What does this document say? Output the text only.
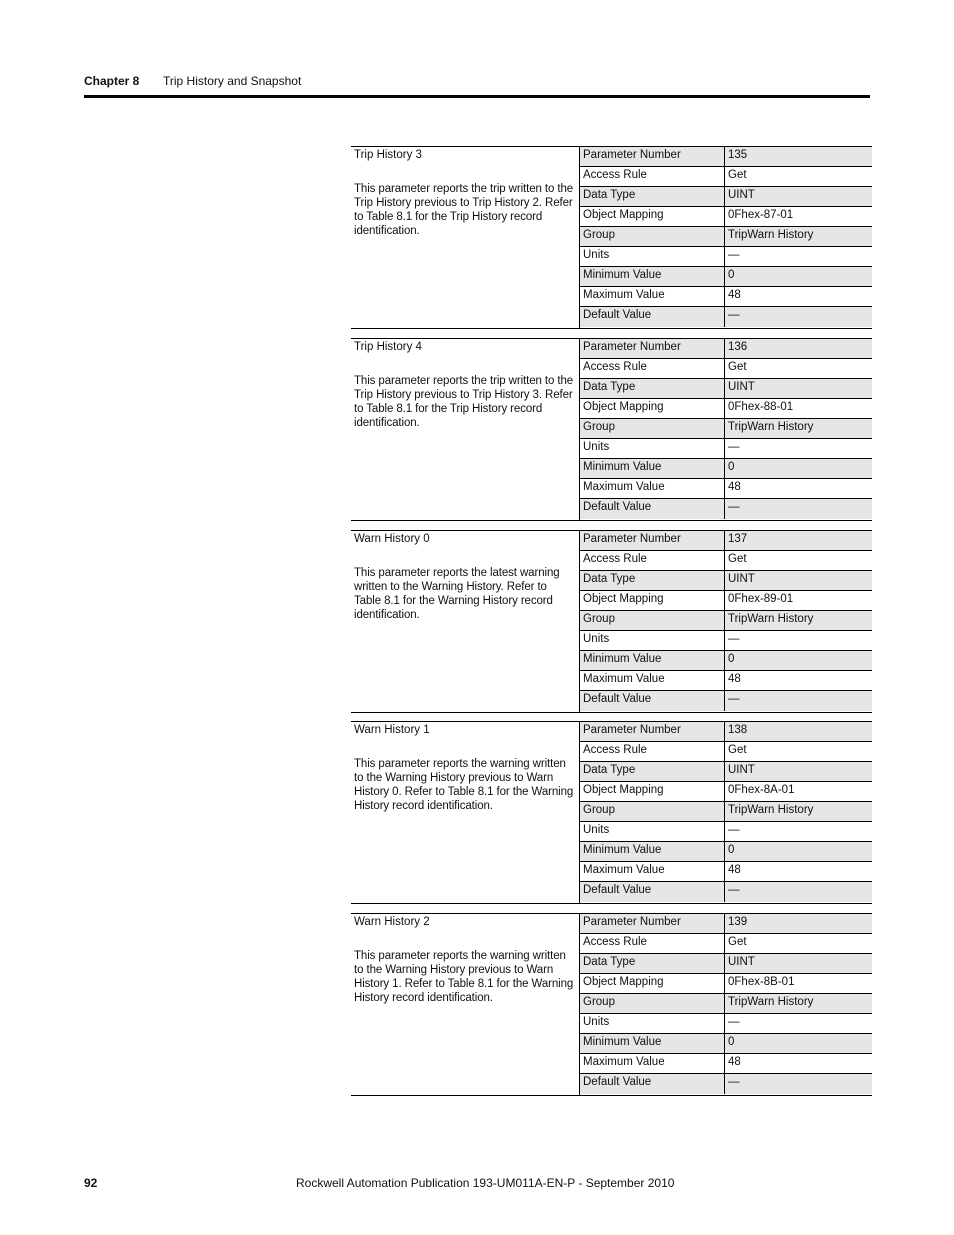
Chapter 8 Trip History and Snapshot
Trip History 3
This parameter reports the trip written to the Trip History previous to Trip History 2. Refer to Table 8.1 for the Trip History record identification.
Parameter Number	135
Access Rule	Get
Data Type	UINT
Object Mapping	0Fhex-87-01
Group	TripWarn History
Units	—
Minimum Value	0
Maximum Value	48
Default Value	—
Trip History 4
This parameter reports the trip written to the Trip History previous to Trip History 3. Refer to Table 8.1 for the Trip History record identification.
Parameter Number	136
Access Rule	Get
Data Type	UINT
Object Mapping	0Fhex-88-01
Group	TripWarn History
Units	—
Minimum Value	0
Maximum Value	48
Default Value	—
Warn History 0
This parameter reports the latest warning written to the Warning History. Refer to Table 8.1 for the Warning History record identification.
Parameter Number	137
Access Rule	Get
Data Type	UINT
Object Mapping	0Fhex-89-01
Group	TripWarn History
Units	—
Minimum Value	0
Maximum Value	48
Default Value	—
Warn History 1
This parameter reports the warning written to the Warning History previous to Warn History 0. Refer to Table 8.1 for the Warning History record identification.
Parameter Number	138
Access Rule	Get
Data Type	UINT
Object Mapping	0Fhex-8A-01
Group	TripWarn History
Units	—
Minimum Value	0
Maximum Value	48
Default Value	—
Warn History 2
This parameter reports the warning written to the Warning History previous to Warn History 1. Refer to Table 8.1 for the Warning History record identification.
Parameter Number	139
Access Rule	Get
Data Type	UINT
Object Mapping	0Fhex-8B-01
Group	TripWarn History
Units	—
Minimum Value	0
Maximum Value	48
Default Value	—
92	Rockwell Automation Publication 193-UM011A-EN-P - September 2010
